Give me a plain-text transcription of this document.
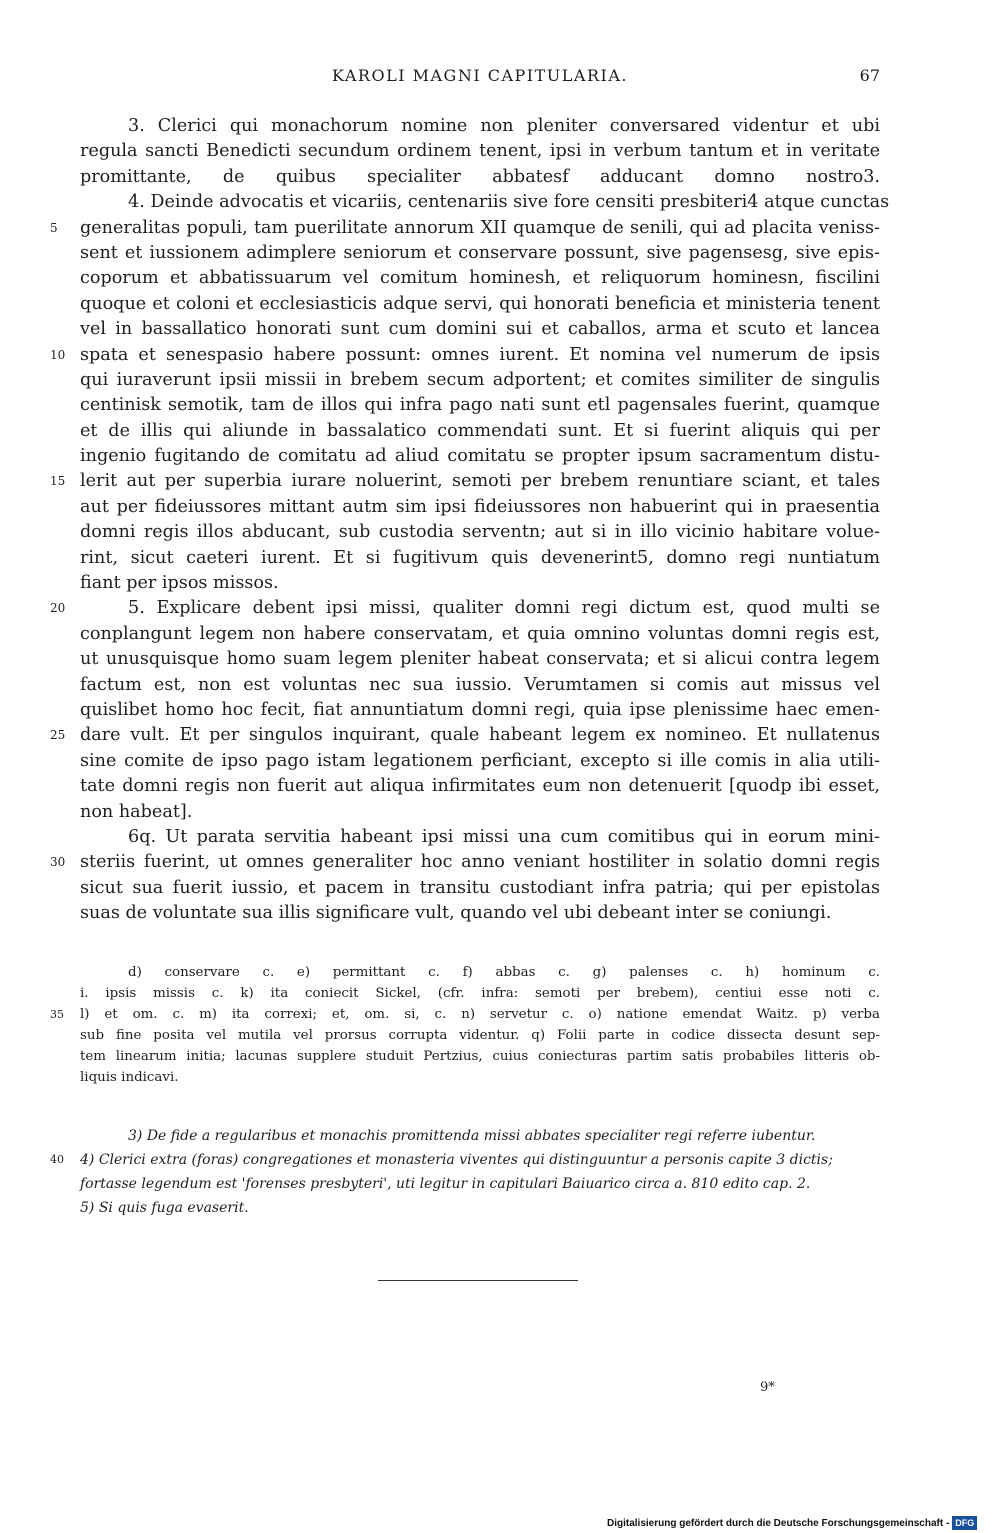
KAROLI MAGNI CAPITULARIA.	67
3. Clerici qui monachorum nomine non pleniter conversared videntur et ubi
regula sancti Benedicti secundum ordinem tenent, ipsi in verbum tantum et in veritate
promittante, de quibus specialiter abbatesf adducant domno nostro3.
4. Deinde advocatis et vicariis, centenariis sive fore censiti presbiteri4 atque cunctas
generalitas populi, tam puerilitate annorum XII quamque de senili, qui ad placita veniss-
5
sent et iussionem adimplere seniorum et conservare possunt, sive pagensesg, sive epis-
coporum et abbatissuarum vel comitum hominesh, et reliquorum hominesn, fiscilini
quoque et coloni et ecclesiasticis adque servi, qui honorati beneficia et ministeria tenent
vel in bassallatico honorati sunt cum domini sui et caballos, arma et scuto et lancea
spata et senespasio habere possunt: omnes iurent. Et nomina vel numerum de ipsis
10
qui iuraverunt ipsii missii in brebem secum adportent; et comites similiter de singulis
centinisk semotik, tam de illos qui infra pago nati sunt etl pagensales fuerint, quamque
et de illis qui aliunde in bassalatico commendati sunt. Et si fuerint aliquis qui per
ingenio fugitando de comitatu ad aliud comitatu se propter ipsum sacramentum distu-
lerit aut per superbia iurare noluerint, semoti per brebem renuntiare sciant, et tales
15
aut per fideiussores mittant autm sim ipsi fideiussores non habuerint qui in praesentia
domni regis illos abducant, sub custodia serventn; aut si in illo vicinio habitare volue-
rint, sicut caeteri iurent. Et si fugitivum quis devenerint5, domno regi nuntiatum
fiant per ipsos missos.
5. Explicare debent ipsi missi, qualiter domni regi dictum est, quod multi se
20
conplangunt legem non habere conservatam, et quia omnino voluntas domni regis est,
ut unusquisque homo suam legem pleniter habeat conservata; et si alicui contra legem
factum est, non est voluntas nec sua iussio. Verumtamen si comis aut missus vel
quislibet homo hoc fecit, fiat annuntiatum domni regi, quia ipse plenissime haec emen-
dare vult. Et per singulos inquirant, quale habeant legem ex nomineo. Et nullatenus
25
sine comite de ipso pago istam legationem perficiant, excepto si ille comis in alia utili-
tate domni regis non fuerit aut aliqua infirmitates eum non detenuerit [quodp ibi esset,
non habeat].
6q. Ut parata servitia habeant ipsi missi una cum comitibus qui in eorum mini-
steriis fuerint, ut omnes generaliter hoc anno veniant hostiliter in solatio domni regis
30
sicut sua fuerit iussio, et pacem in transitu custodiant infra patria; qui per epistolas
suas de voluntate sua illis significare vult, quando vel ubi debeant inter se coniungi.
d) conservare c. e) permittant c. f) abbas c. g) palenses c. h) hominum c.
i. ipsis missis c. k) ita coniecit Sickel, (cfr. infra: semoti per brebem), centiui esse noti c.
l) et om. c. m) ita correxi; et, om. si, c. n) servetur c. o) natione emendat Waitz. p) verba
35
sub fine posita vel mutila vel prorsus corrupta videntur. q) Folii parte in codice dissecta desunt sep-
tem linearum initia; lacunas supplere studuit Pertzius, cuius coniecturas partim satis probabiles litteris ob-
liquis indicavi.
3) De fide a regularibus et monachis promittenda missi abbates specialiter regi referre iubentur.
4) Clerici extra (foras) congregationes et monasteria viventes qui distinguuntur a personis capite 3 dictis;
40
fortasse legendum est 'forenses presbyteri', uti legitur in capitulari Baiuarico circa a. 810 edito cap. 2.
5) Si quis fuga evaserit.
9*
Digitalisierung gefördert durch die Deutsche Forschungsgemeinschaft - DFG
